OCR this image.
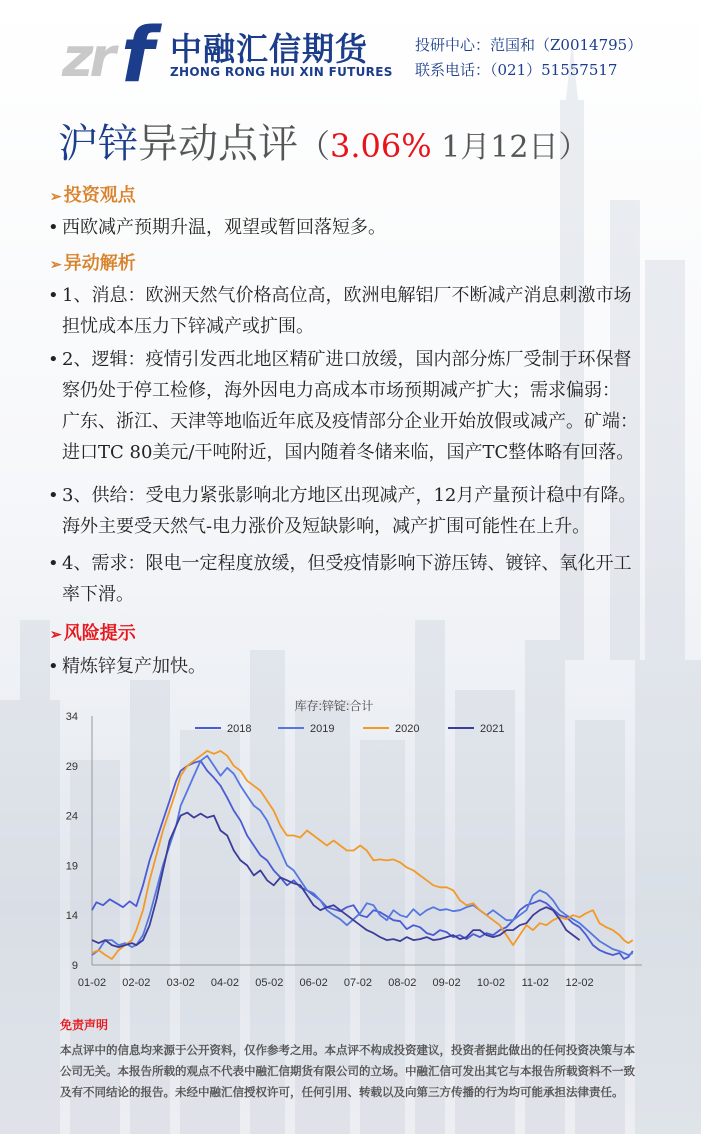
zr f 中融汇信期货
ZHONG RONG HUI XIN FUTURES
投研中心：范国和（Z0014795）
联系电话：（021）51557517
沪锌异动点评（3.06% 1月12日）
➢ 投资观点
• 西欧减产预期升温，观望或暂回落短多。
➢ 异动解析
• 1、消息：欧洲天然气价格高位高，欧洲电解铝厂不断减产消息刺激市场
担忧成本压力下锌减产或扩围。
• 2、逻辑：疫情引发西北地区精矿进口放缓，国内部分炼厂受制于环保督
察仍处于停工检修，海外因电力高成本市场预期减产扩大；需求偏弱：
广东、浙江、天津等地临近年底及疫情部分企业开始放假或减产。矿端：
进口TC 80美元/干吨附近，国内随着冬储来临，国产TC整体略有回落。
• 3、供给：受电力紧张影响北方地区出现减产，12月产量预计稳中有降。
海外主要受天然气-电力涨价及短缺影响，减产扩围可能性在上升。
• 4、需求：限电一定程度放缓，但受疫情影响下游压铸、镀锌、氧化开工
率下滑。
➢ 风险提示
• 精炼锌复产加快。
库存:锌锭:合计
9
14
19
24
29
34
01-02 02-02 03-02 04-02 05-02 06-02 07-02 08-02 09-02 10-02 11-02 12-02
2018	2019	2020	2021
免责声明
本点评中的信息均来源于公开资料，仅作参考之用。本点评不构成投资建议，投资者据此做出的任何投资决策与本公司无关。本报告所载的观点不代表中融汇信期货有限公司的立场。中融汇信可发出其它与本报告所载资料不一致及有不同结论的报告。未经中融汇信授权许可，任何引用、转载以及向第三方传播的行为均可能承担法律责任。
